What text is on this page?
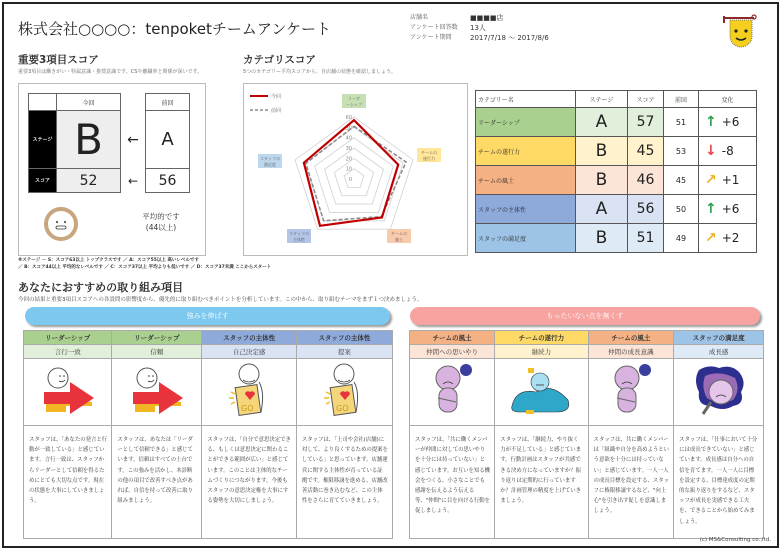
株式会社○○○○：tenpoketチームアンケート
店舗名	■■■■店
アンケート回答数	13人
アンケート期間	2017/7/18 ～ 2017/8/6
重要3項目スコア
重要3項目は働きがい・特属意識・推奨意識です。CSや離職率と関係が深いです。
	今回		前回
ステージ	B	←	A
スコア	52	←	56
平均的です
(44以上)
※ステージ － S：スコア63以上 トップクラスです ／ A：スコア55以上 高いレベルです
／ B：スコア44以上 平均的なレベルです ／ C：スコア37以上 平均よりも低いです ／ D：スコア37未満 ここからスタート
カテゴリスコア
5つのカテゴリー平均スコアから、自店舗の状態を確認しましょう。
0
10
20
30
40
50
60
リーダ
ーシップ
チームの
遂行力
チームの
風土
スタッフの
主体性
スタッフの
満足度
今回
前回
カテゴリー名	ステージ	スコア	前回	変化
リーダーシップ	A	57	51	↑ +6
チームの遂行力	B	45	53	↓ -8
チームの風土	B	46	45	↗ +1
スタッフの主体性	A	56	50	↑ +6
スタッフの満足度	B	51	49	↗ +2
あなたにおすすめの取り組み項目
今回の結果と重要3項目スコアへの各設問の影響度から、優先的に取り組むべきポイントを分析しています。この中から、取り組むテーマをまず１つ決めましょう。
強みを伸ばす	もったいない点を無くす
リーダーシップ	リーダーシップ	スタッフの主体性	スタッフの主体性
言行一致	信頼	自己決定感	提案

GO	GO

スタッフは、「あなたの発言と行動が一致している」と感じています。言行一致は、スタッフからリーダーとして信頼を得るためにとても大切な点です。現在の状態を大事にしていきましょう。	スタッフは、あなたは「リーダーとして信頼できる」と感じています。信頼はすべての土台です。この強みを活かし、本診断の他の項目で改善すべき点があれば、自信を持って改善に取り組みましょう。	スタッフは、「自分で意思決定できる、もしくは意思決定に関わることができる範囲が広い」と感じています。このことは主体的なチームづくりにつながります。今後もスタッフの意思決定権を大事にする姿勢を大切にしましょう。	スタッフは、「上司や会社(店舗)に対して、より良くするための提案をしている」と思っています。店舗運営に関する主体性が育っている証拠です。権限移譲を進める、店舗改善活動に巻き込むなど、この主体性をさらに育てていきましょう。
チームの風土	チームの遂行力	チームの風土	スタッフの満足度
仲間への思いやり	継続力	仲間の成長意識	成長感

スタッフは、「共に働くメンバーが仲間に対しての思いやりを十分には持っていない」と感じています。お互いを知る機会をつくる、小さなことでも感謝を伝えるよう伝える等、"仲間"に目を向ける行動を促しましょう。	スタッフは、「継続力、やり抜く力が不足している」と感じています。行動計画はスタッフが共感できる決め方になっていますか？振り返りは定期的に行っていますか？計画管理の精度を上げていきましょう。	スタッフは、共に働くメンバーは「組織や自分を高めようという意欲を十分には持っていない」と感じています。一人一人の成長目標を設定する、スタッフに権限移譲するなど、"向上心"を引き出す促しを意識しましょう。	スタッフは、「仕事において十分には成長できていない」と感じています。成長感は自分への自信を育てます。一人一人に目標を設定する、目標達成度の定期的な振り返りをするなど、スタッフが成長を実感できる工夫を、できることから始めてみましょう。
(c) MS&Consulting co.,ltd.
